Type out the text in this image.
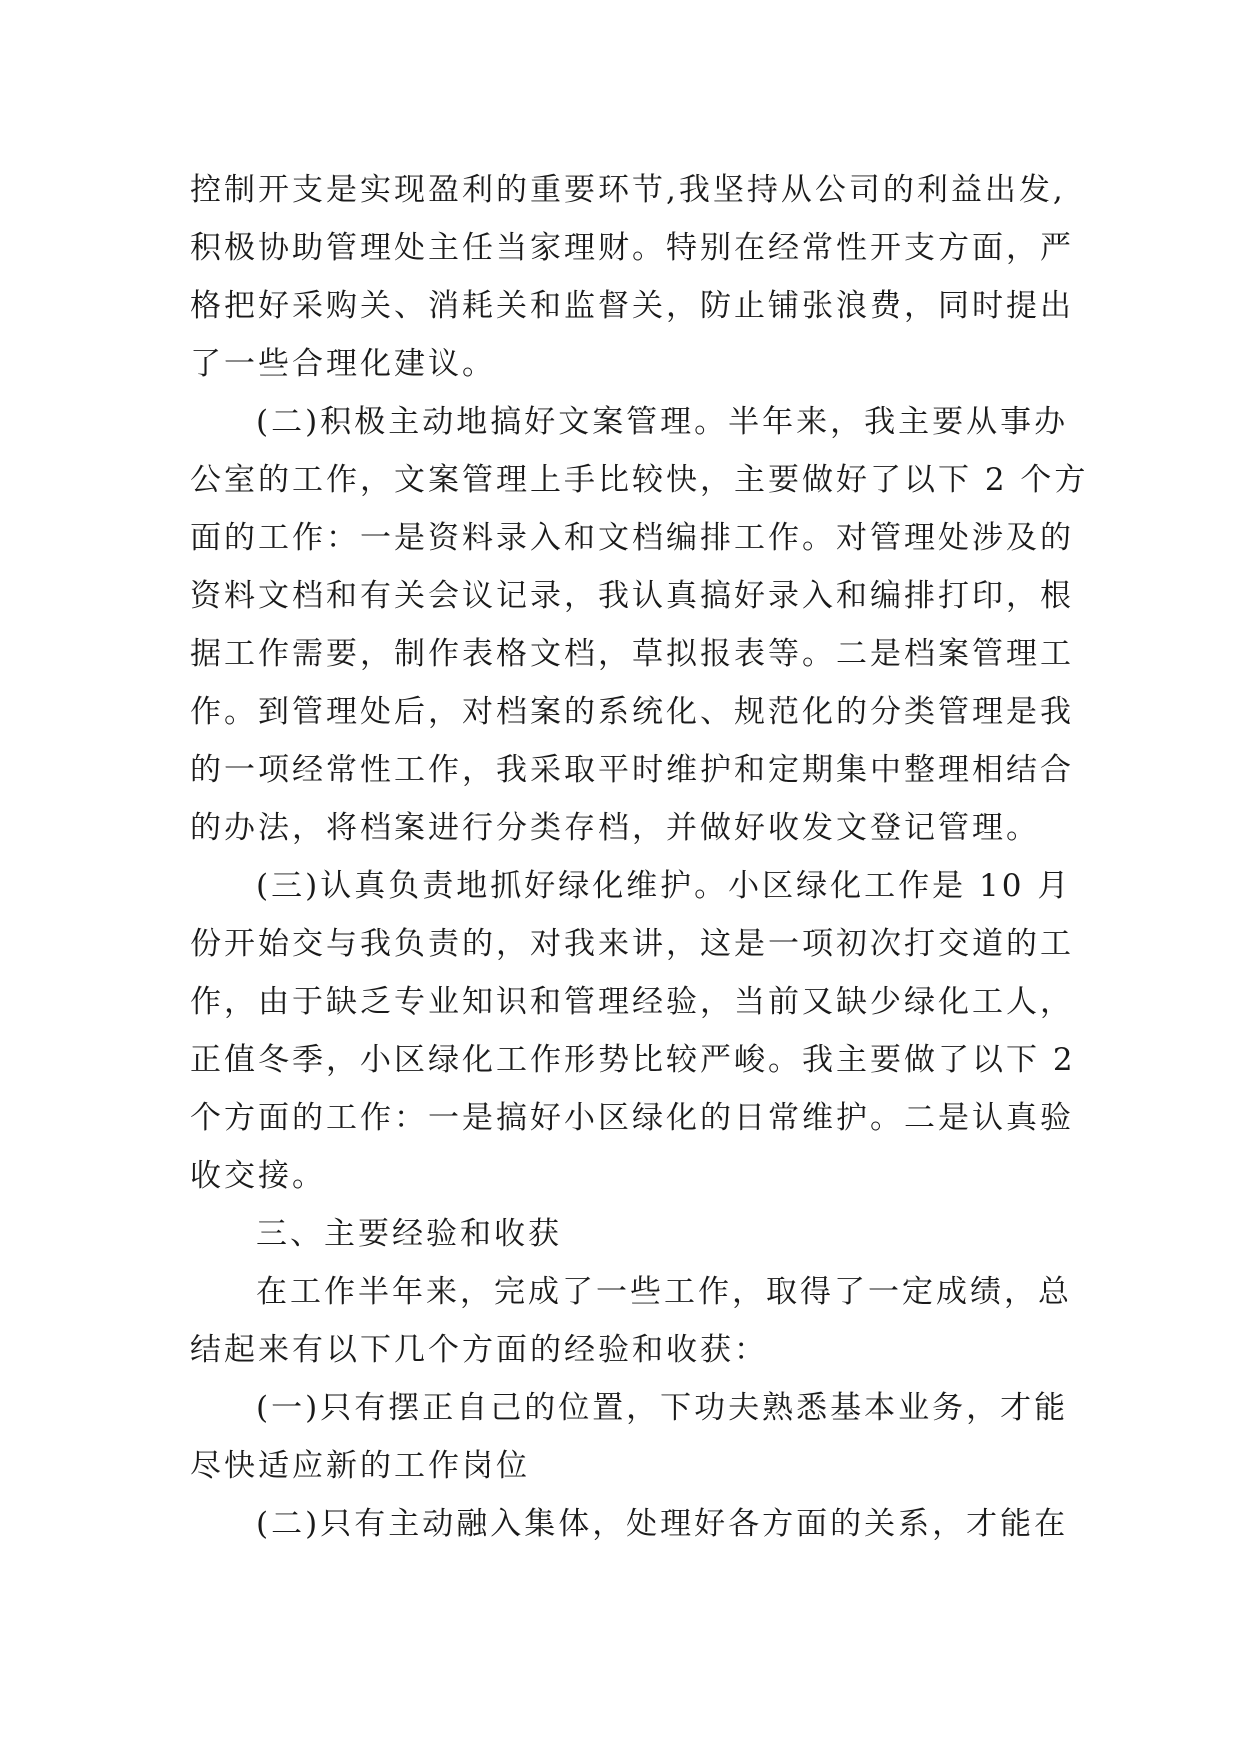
控制开支是实现盈利的重要环节,我坚持从公司的利益出发,
积极协助管理处主任当家理财。特别在经常性开支方面，严
格把好采购关、消耗关和监督关，防止铺张浪费，同时提出
了一些合理化建议。
(二)积极主动地搞好文案管理。半年来，我主要从事办
公室的工作，文案管理上手比较快，主要做好了以下 2 个方
面的工作：一是资料录入和文档编排工作。对管理处涉及的
资料文档和有关会议记录，我认真搞好录入和编排打印，根
据工作需要，制作表格文档，草拟报表等。二是档案管理工
作。到管理处后，对档案的系统化、规范化的分类管理是我
的一项经常性工作，我采取平时维护和定期集中整理相结合
的办法，将档案进行分类存档，并做好收发文登记管理。
(三)认真负责地抓好绿化维护。小区绿化工作是 10 月
份开始交与我负责的，对我来讲，这是一项初次打交道的工
作，由于缺乏专业知识和管理经验，当前又缺少绿化工人，
正值冬季，小区绿化工作形势比较严峻。我主要做了以下 2
个方面的工作：一是搞好小区绿化的日常维护。二是认真验
收交接。
三、主要经验和收获
在工作半年来，完成了一些工作，取得了一定成绩，总
结起来有以下几个方面的经验和收获：
(一)只有摆正自己的位置，下功夫熟悉基本业务，才能
尽快适应新的工作岗位
(二)只有主动融入集体，处理好各方面的关系，才能在
